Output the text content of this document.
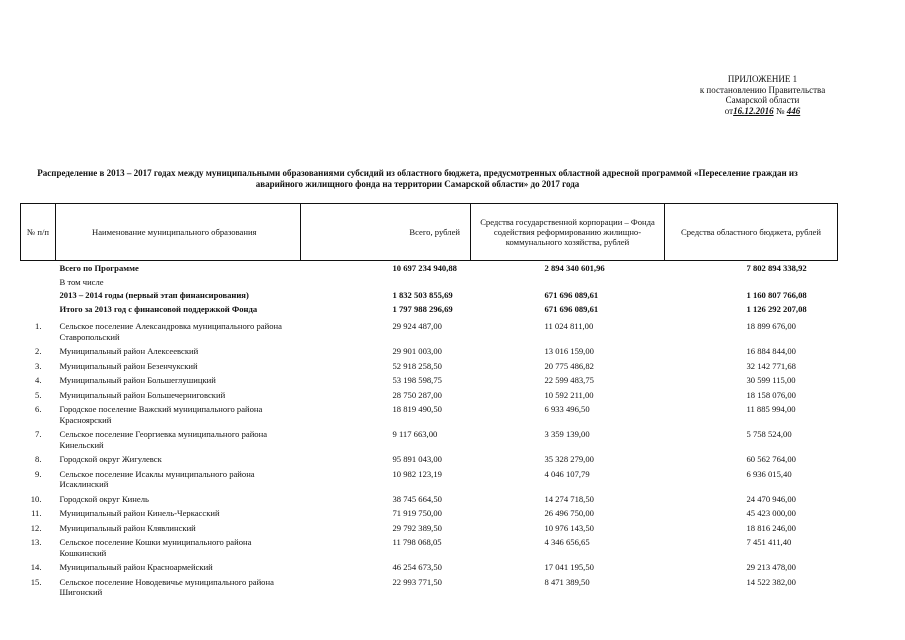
ПРИЛОЖЕНИЕ 1
к постановлению Правительства
Самарской области
от16.12.2016 № 446
Распределение в 2013 – 2017 годах между муниципальными образованиями субсидий из областного бюджета, предусмотренных областной адресной программой «Переселение граждан из аварийного жилищного фонда на территории Самарской области» до 2017 года
№ п/п	Наименование муниципального образования	Всего, рублей	Средства государственной корпорации – Фонда содействия реформированию жилищно-коммунального хозяйства, рублей	Средства областного бюджета, рублей
	Всего по Программе	10 697 234 940,88	2 894 340 601,96	7 802 894 338,92
	В том числе			
	2013 – 2014 годы (первый этап финансирования)	1 832 503 855,69	671 696 089,61	1 160 807 766,08
	Итого за 2013 год с финансовой поддержкой Фонда	1 797 988 296,69	671 696 089,61	1 126 292 207,08
1.	Сельское поселение Александровка муниципального района Ставропольский	29 924 487,00	11 024 811,00	18 899 676,00
2.	Муниципальный район Алексеевский	29 901 003,00	13 016 159,00	16 884 844,00
3.	Муниципальный район Безенчукский	52 918 258,50	20 775 486,82	32 142 771,68
4.	Муниципальный район Большеглушицкий	53 198 598,75	22 599 483,75	30 599 115,00
5.	Муниципальный район Большечерниговский	28 750 287,00	10 592 211,00	18 158 076,00
6.	Городское поселение Важский муниципального района Красноярский	18 819 490,50	6 933 496,50	11 885 994,00
7.	Сельское поселение Георгиевка муниципального района Кинельский	9 117 663,00	3 359 139,00	5 758 524,00
8.	Городской округ Жигулевск	95 891 043,00	35 328 279,00	60 562 764,00
9.	Сельское поселение Исаклы муниципального района Исаклинский	10 982 123,19	4 046 107,79	6 936 015,40
10.	Городской округ Кинель	38 745 664,50	14 274 718,50	24 470 946,00
11.	Муниципальный район Кинель-Черкасский	71 919 750,00	26 496 750,00	45 423 000,00
12.	Муниципальный район Клявлинский	29 792 389,50	10 976 143,50	18 816 246,00
13.	Сельское поселение Кошки муниципального района Кошкинский	11 798 068,05	4 346 656,65	7 451 411,40
14.	Муниципальный район Красноармейский	46 254 673,50	17 041 195,50	29 213 478,00
15.	Сельское поселение Новодевичье муниципального района Шигонский	22 993 771,50	8 471 389,50	14 522 382,00
